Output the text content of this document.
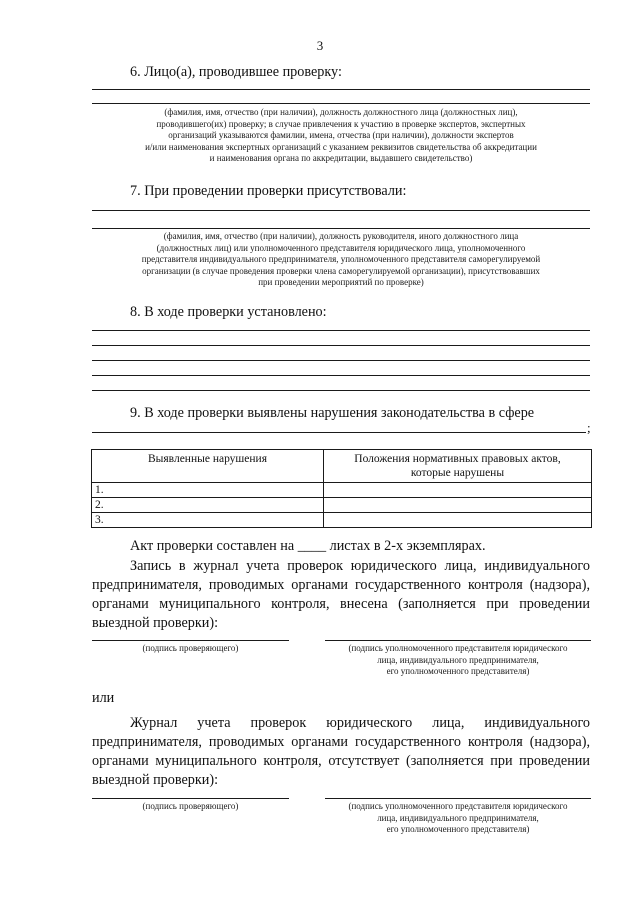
3
6. Лицо(а), проводившее проверку:
(фамилия, имя, отчество (при наличии), должность должностного лица (должностных лиц),
проводившего(их) проверку; в случае привлечения к участию в проверке экспертов, экспертных
организаций указываются фамилии, имена, отчества (при наличии), должности экспертов
и/или наименования экспертных организаций с указанием реквизитов свидетельства об аккредитации
и наименования органа по аккредитации, выдавшего свидетельство)
7. При проведении проверки присутствовали:
(фамилия, имя, отчество (при наличии), должность руководителя, иного должностного лица
(должностных лиц) или уполномоченного представителя юридического лица, уполномоченного
представителя индивидуального предпринимателя, уполномоченного представителя саморегулируемой
организации (в случае проведения проверки члена саморегулируемой организации), присутствовавших
при проведении мероприятий по проверке)
8. В ходе проверки установлено:
9. В ходе проверки выявлены нарушения законодательства в сфере
;
Выявленные нарушения	Положения нормативных правовых актов,
которые нарушены

1.	
2.	
3.	
Акт проверки составлен на ____ листах в 2-х экземплярах.

Запись в журнал учета проверок юридического лица, индивидуального

предпринимателя, проводимых органами государственного контроля (надзора),

органами муниципального контроля, внесена (заполняется при проведении

выездной проверки):

(подпись проверяющего)	(подпись уполномоченного представителя юридического
лица, индивидуального предпринимателя,
его уполномоченного представителя)
или

Журнал учета проверок юридического лица, индивидуального

предпринимателя, проводимых органами государственного контроля (надзора),

органами муниципального контроля, отсутствует (заполняется при проведении

выездной проверки):

(подпись проверяющего)	(подпись уполномоченного представителя юридического
лица, индивидуального предпринимателя,
его уполномоченного представителя)
